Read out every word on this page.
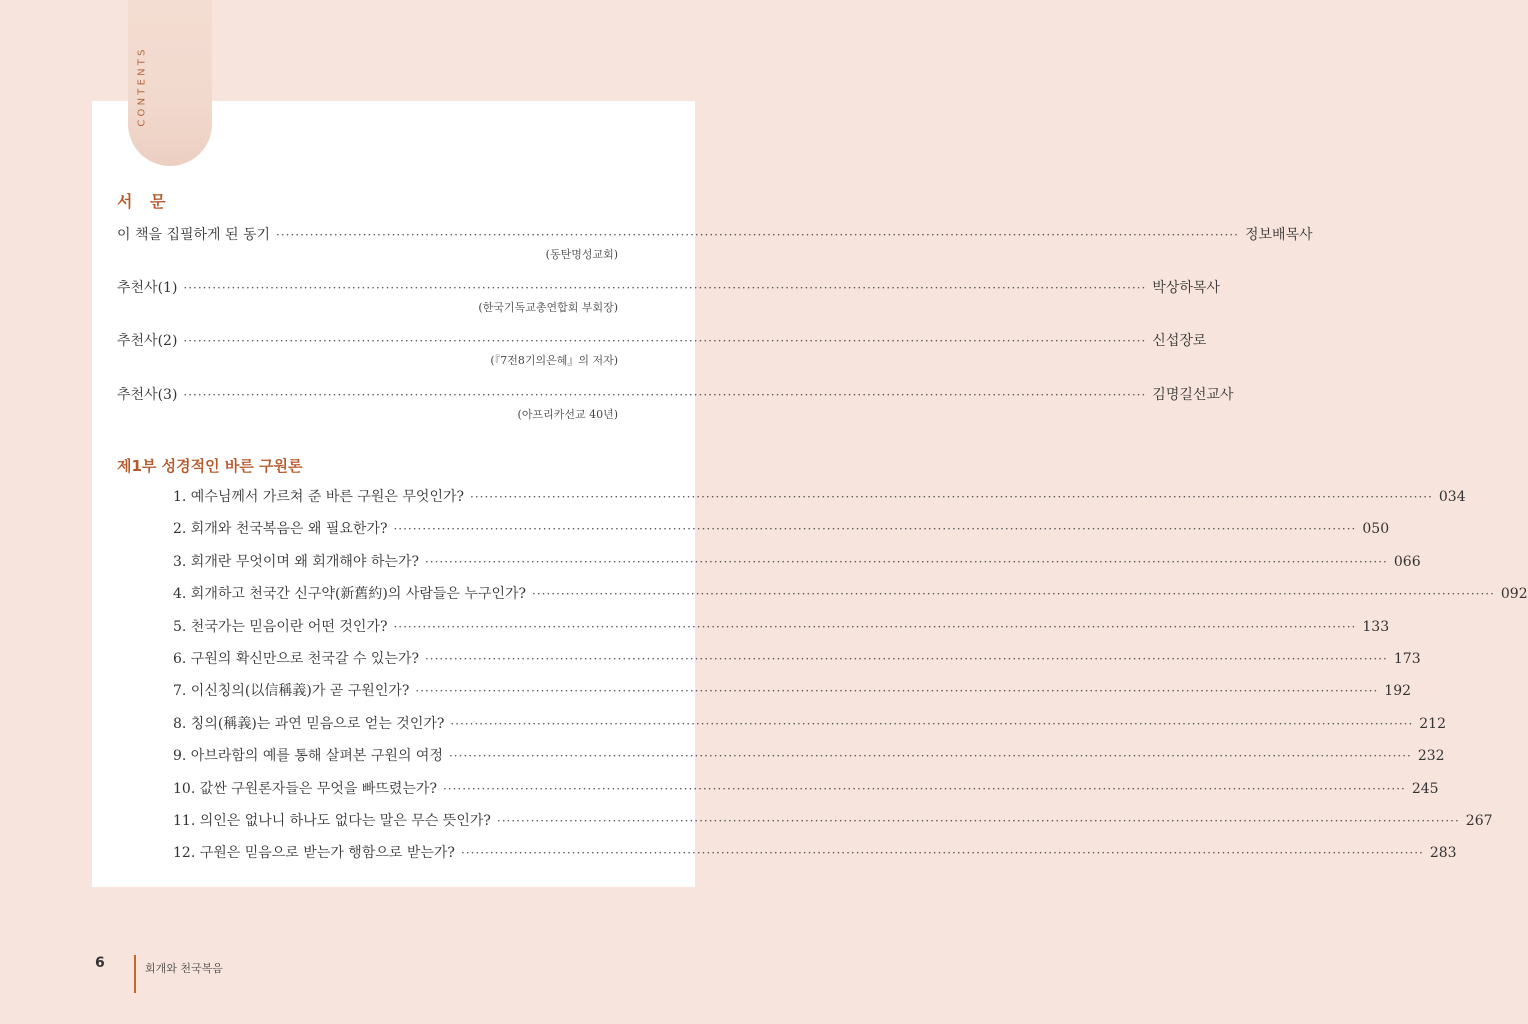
CONTENTS
서 문
이 책을 집필하게 된 동기 ········································································································································································································ 정보배목사
(동탄명성교회)
추천사(1) ········································································································································································································ 박상하목사
(한국기독교총연합회 부회장)
추천사(2) ········································································································································································································ 신섭장로
(『7전8기의은혜』의 저자)
추천사(3) ········································································································································································································ 김명길선교사
(아프리카선교 40년)
제1부 성경적인 바른 구원론
1. 예수님께서 가르쳐 준 바른 구원은 무엇인가? ········································································································································································································ 034
2. 회개와 천국복음은 왜 필요한가? ········································································································································································································ 050
3. 회개란 무엇이며 왜 회개해야 하는가? ········································································································································································································ 066
4. 회개하고 천국간 신구약(新舊約)의 사람들은 누구인가? ········································································································································································································ 092
5. 천국가는 믿음이란 어떤 것인가? ········································································································································································································ 133
6. 구원의 확신만으로 천국갈 수 있는가? ········································································································································································································ 173
7. 이신칭의(以信稱義)가 곧 구원인가? ········································································································································································································ 192
8. 칭의(稱義)는 과연 믿음으로 얻는 것인가? ········································································································································································································ 212
9. 아브라함의 예를 통해 살펴본 구원의 여정 ········································································································································································································ 232
10. 값싼 구원론자들은 무엇을 빠뜨렸는가? ········································································································································································································ 245
11. 의인은 없나니 하나도 없다는 말은 무슨 뜻인가? ········································································································································································································ 267
12. 구원은 믿음으로 받는가 행함으로 받는가? ········································································································································································································ 283
6	회개와 천국복음
